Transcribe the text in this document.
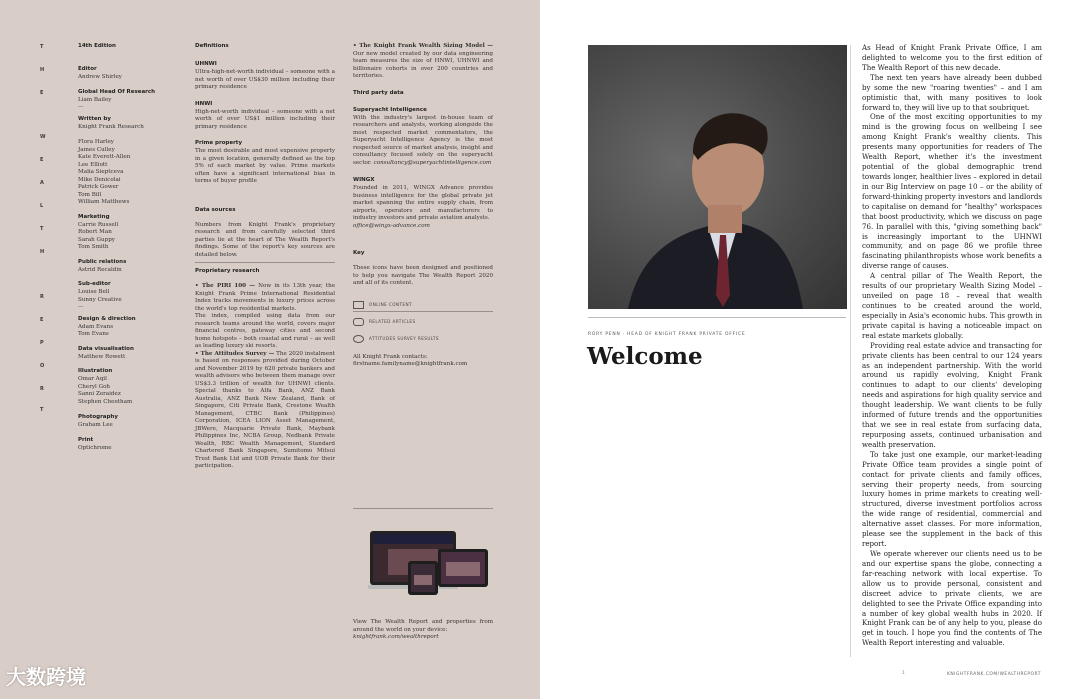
T
H
E
W
E
A
L
T
H
R
E
P
O
R
T
14th Edition
Editor
Andrew Shirley
Global Head Of Research
Liam Bailey
—
Written by
Knight Frank Research
Flora Harley
James Culley
Kate Everett-Allen
Lee Elliott
Maïia Sieptceva
Mike Denicolai
Patrick Gower
Tom Bill
William Matthews
Marketing
Carrie Russell
Robert Man
Sarah Guppy
Tom Smith
Public relations
Astrid Recaldin
Sub-editor
Louise Bell
Sunny Creative
—
Design & direction
Adam Evans
Tom Evans
Data visualisation
Matthew Rowett
Illustration
Omar Aqil
Cheryl Goh
Sanni Zeraidez
Stephen Cheetham
Photography
Graham Lee
Print
Optichrome
Definitions
UHNWI

Ultra-high-net-worth individual – someone with a net worth of over US$30 million including their primary residence

HNWI

High-net-worth individual – someone with a net worth of over US$1 million including their primary residence

Prime property

The most desirable and most expensive property in a given location, generally defined as the top 5% of each market by value. Prime markets often have a significant international bias in terms of buyer profile

Data sources

Numbers from Knight Frank's proprietary research and from carefully selected third parties lie at the heart of The Wealth Report's findings. Some of the report's key sources are detailed below.

Proprietary research

• The PIRI 100 — Now in its 13th year, the Knight Frank Prime International Residential Index tracks movements in luxury prices across the world's top residential markets.

The index, compiled using data from our research teams around the world, covers major financial centres, gateway cities and second home hotspots – both coastal and rural – as well as leading luxury ski resorts.

• The Attitudes Survey — The 2020 instalment is based on responses provided during October and November 2019 by 620 private bankers and wealth advisors who between them manage over US$3.3 trillion of wealth for UHNWI clients. Special thanks to Alfa Bank, ANZ Bank Australia, ANZ Bank New Zealand, Bank of Singapore, Citi Private Bank, Crestone Wealth Management, CTBC Bank (Philippines) Corporation, ICEA LION Asset Management, JBWere, Macquarie Private Bank, Maybank Philippines Inc, NCBA Group, Nedbank Private Wealth, RBC Wealth Management, Standard Chartered Bank Singapore, Sumitomo Mitsui Trust Bank Ltd and UOB Private Bank for their participation.

• The Knight Frank Wealth Sizing Model — Our new model created by our data engineering team measures the size of HNWI, UHNWI and billionaire cohorts in over 200 countries and territories.

Third party data
Superyacht Intelligence

With the industry's largest in-house team of researchers and analysts, working alongside the most respected market commentators, the Superyacht Intelligence Agency is the most respected source of market analysis, insight and consultancy focused solely on the superyacht sector. consultancy@superyachtintelligence.com

WINGX

Founded in 2011, WINGX Advance provides business intelligence for the global private jet market spanning the entire supply chain, from airports, operators and manufacturers to industry investors and private aviation analysts.

office@wingx-advance.com

Key

These icons have been designed and positioned to help you navigate The Wealth Report 2020 and all of its content.

ONLINE CONTENT
RELATED ARTICLES
ATTITUDES SURVEY RESULTS

All Knight Frank contacts:

firstname.familyname@knightfrank.com

View The Wealth Report and properties from around the world on your device:

knightfrank.com/wealthreport

RORY PENN · HEAD OF KNIGHT FRANK PRIVATE OFFICE
Welcome

As Head of Knight Frank Private Office, I am delighted to welcome you to the first edition of The Wealth Report of this new decade.

The next ten years have already been dubbed by some the new "roaring twenties" – and I am optimistic that, with many positives to look forward to, they will live up to that soubriquet.

One of the most exciting opportunities to my mind is the growing focus on wellbeing I see among Knight Frank's wealthy clients. This presents many opportunities for readers of The Wealth Report, whether it's the investment potential of the global demographic trend towards longer, healthier lives – explored in detail in our Big Interview on page 10 – or the ability of forward-thinking property investors and landlords to capitalise on demand for "healthy" workspaces that boost productivity, which we discuss on page 76. In parallel with this, "giving something back" is increasingly important to the UHNWI community, and on page 86 we profile three fascinating philanthropists whose work benefits a diverse range of causes.

A central pillar of The Wealth Report, the results of our proprietary Wealth Sizing Model – unveiled on page 18 – reveal that wealth continues to be created around the world, especially in Asia's economic hubs. This growth in private capital is having a noticeable impact on real estate markets globally.

Providing real estate advice and transacting for private clients has been central to our 124 years as an independent partnership. With the world around us rapidly evolving, Knight Frank continues to adapt to our clients' developing needs and aspirations for high quality service and thought leadership. We want clients to be fully informed of future trends and the opportunities that we see in real estate from surfacing data, repurposing assets, continued urbanisation and wealth preservation.

To take just one example, our market-leading Private Office team provides a single point of contact for private clients and family offices, serving their property needs, from sourcing luxury homes in prime markets to creating well-structured, diverse investment portfolios across the wide range of residential, commercial and alternative asset classes. For more information, please see the supplement in the back of this report.

We operate wherever our clients need us to be and our expertise spans the globe, connecting a far-reaching network with local expertise. To allow us to provide personal, consistent and discreet advice to private clients, we are delighted to see the Private Office expanding into a number of key global wealth hubs in 2020. If Knight Frank can be of any help to you, please do get in touch. I hope you find the contents of The Wealth Report interesting and valuable.

1	KNIGHTFRANK.COM/WEALTHREPORT
大数跨境
